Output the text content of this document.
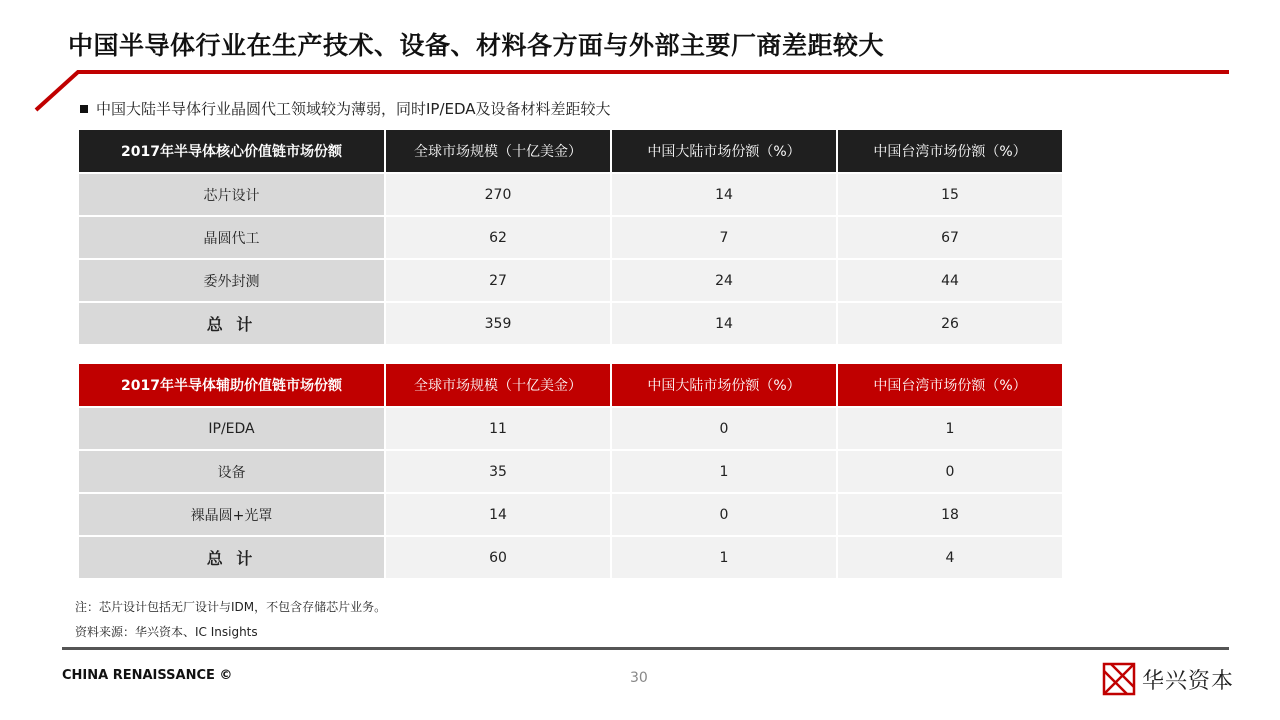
中国半导体行业在生产技术、设备、材料各方面与外部主要厂商差距较大
中国大陆半导体行业晶圆代工领域较为薄弱，同时IP/EDA及设备材料差距较大
2017年半导体核心价值链市场份额	全球市场规模（十亿美金）	中国大陆市场份额（%）	中国台湾市场份额（%）
芯片设计	270	14	15
晶圆代工	62	7	67
委外封测	27	24	44
总 计	359	14	26
2017年半导体辅助价值链市场份额	全球市场规模（十亿美金）	中国大陆市场份额（%）	中国台湾市场份额（%）
IP/EDA	11	0	1
设备	35	1	0
裸晶圆+光罩	14	0	18
总 计	60	1	4
注：芯片设计包括无厂设计与IDM，不包含存储芯片业务。
资料来源：华兴资本、IC Insights
CHINA RENAISSANCE ©	30	华兴资本
